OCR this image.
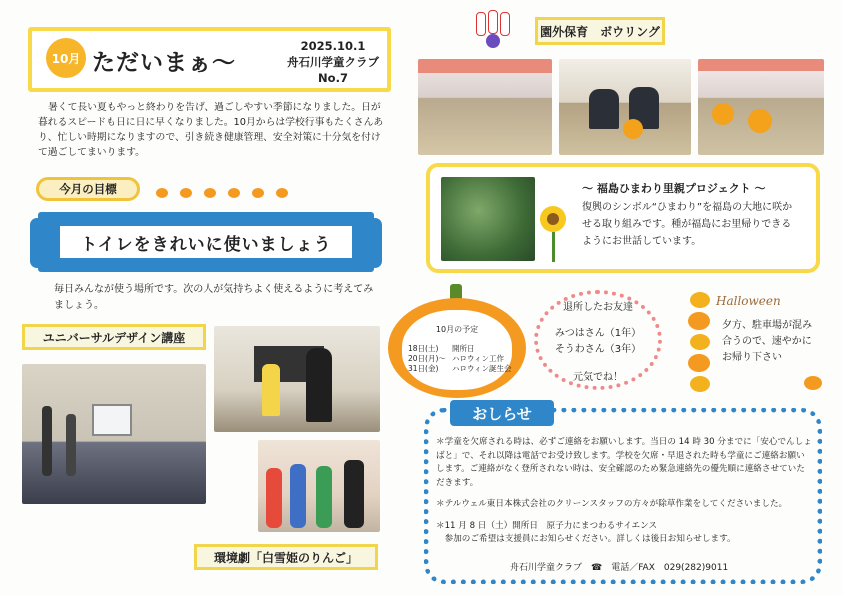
10月 ただいまぁ～
2025.10.1
舟石川学童クラブ
No.7
暑くて長い夏もやっと終わりを告げ、過ごしやすい季節になりました。日が暮れるスピードも日に日に早くなりました。10月からは学校行事もたくさんあり、忙しい時期になりますので、引き続き健康管理、安全対策に十分気を付けて過ごしてまいります。
今月の目標
トイレをきれいに使いましょう
毎日みんなが使う場所です。次の人が気持ちよく使えるように考えてみましょう。
ユニバーサルデザイン講座
環境劇「白雪姫のりんご」
園外保育　ボウリング
～ 福島ひまわり里親プロジェクト ～
復興のシンボル“ひまわり”を福島の大地に咲かせる取り組みです。種が福島にお里帰りできるようにお世話しています。
10月の予定
18日(土) 開所日
20日(月)～ ハロウィン工作
31日(金) ハロウィン誕生会
退所したお友達
みつはさん（1年）
そうわさん（3年）
元気でね！
Halloween
夕方、駐車場が混み合うので、速やかにお帰り下さい
おしらせ
＊学童を欠席される時は、必ずご連絡をお願いします。当日の 14 時 30 分までに「安心でんしょばと」で、それ以降は電話でお受け致します。学校を欠席・早退された時も学童にご連絡お願いします。ご連絡がなく登所されない時は、安全確認のため緊急連絡先の優先順に連絡させていただきます。
＊テルウェル東日本株式会社のクリーンスタッフの方々が除草作業をしてくださいました。
＊11 月 8 日（土）開所日　原子力にまつわるサイエンス
　参加のご希望は支援員にお知らせください。詳しくは後日お知らせします。
舟石川学童クラブ　☎　電話／FAX　029(282)9011
